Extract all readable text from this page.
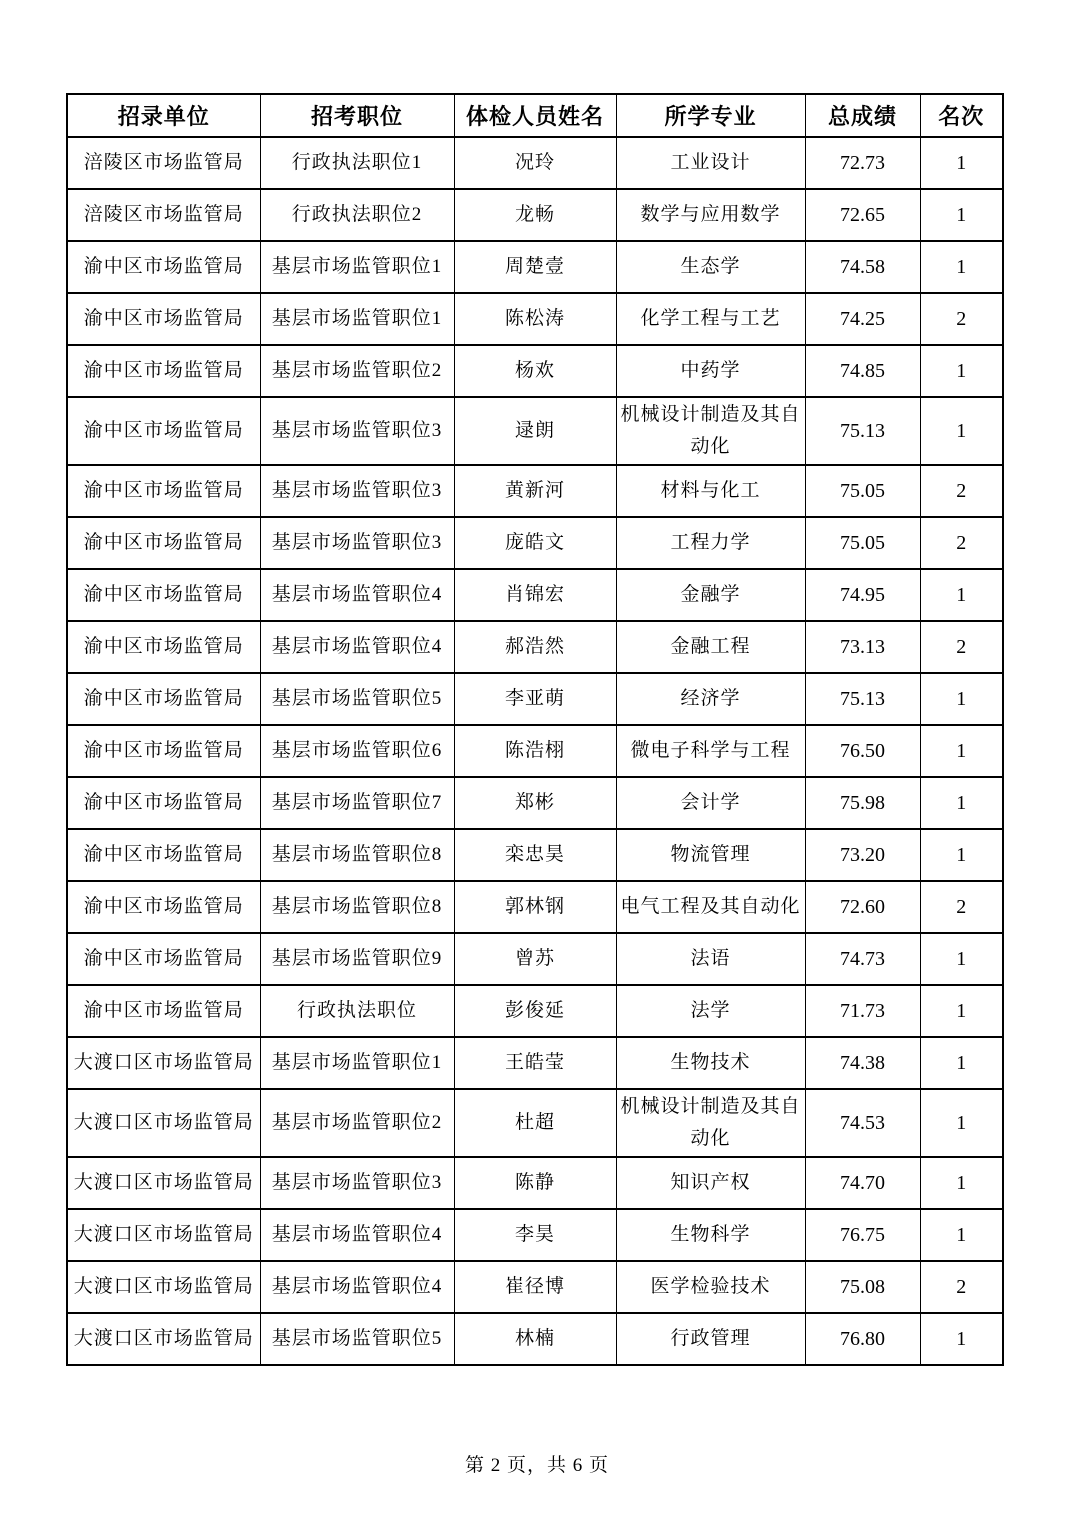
招录单位	招考职位	体检人员姓名	所学专业	总成绩	名次
涪陵区市场监管局	行政执法职位1	况玲	工业设计	72.73	1
涪陵区市场监管局	行政执法职位2	龙畅	数学与应用数学	72.65	1
渝中区市场监管局	基层市场监管职位1	周楚壹	生态学	74.58	1
渝中区市场监管局	基层市场监管职位1	陈松涛	化学工程与工艺	74.25	2
渝中区市场监管局	基层市场监管职位2	杨欢	中药学	74.85	1
渝中区市场监管局	基层市场监管职位3	逯朗	机械设计制造及其自动化	75.13	1
渝中区市场监管局	基层市场监管职位3	黄新河	材料与化工	75.05	2
渝中区市场监管局	基层市场监管职位3	庞皓文	工程力学	75.05	2
渝中区市场监管局	基层市场监管职位4	肖锦宏	金融学	74.95	1
渝中区市场监管局	基层市场监管职位4	郝浩然	金融工程	73.13	2
渝中区市场监管局	基层市场监管职位5	李亚萌	经济学	75.13	1
渝中区市场监管局	基层市场监管职位6	陈浩栩	微电子科学与工程	76.50	1
渝中区市场监管局	基层市场监管职位7	郑彬	会计学	75.98	1
渝中区市场监管局	基层市场监管职位8	栾忠昊	物流管理	73.20	1
渝中区市场监管局	基层市场监管职位8	郭林钢	电气工程及其自动化	72.60	2
渝中区市场监管局	基层市场监管职位9	曾苏	法语	74.73	1
渝中区市场监管局	行政执法职位	彭俊延	法学	71.73	1
大渡口区市场监管局	基层市场监管职位1	王皓莹	生物技术	74.38	1
大渡口区市场监管局	基层市场监管职位2	杜超	机械设计制造及其自动化	74.53	1
大渡口区市场监管局	基层市场监管职位3	陈静	知识产权	74.70	1
大渡口区市场监管局	基层市场监管职位4	李昊	生物科学	76.75	1
大渡口区市场监管局	基层市场监管职位4	崔径博	医学检验技术	75.08	2
大渡口区市场监管局	基层市场监管职位5	林楠	行政管理	76.80	1
第 2 页，共 6 页
